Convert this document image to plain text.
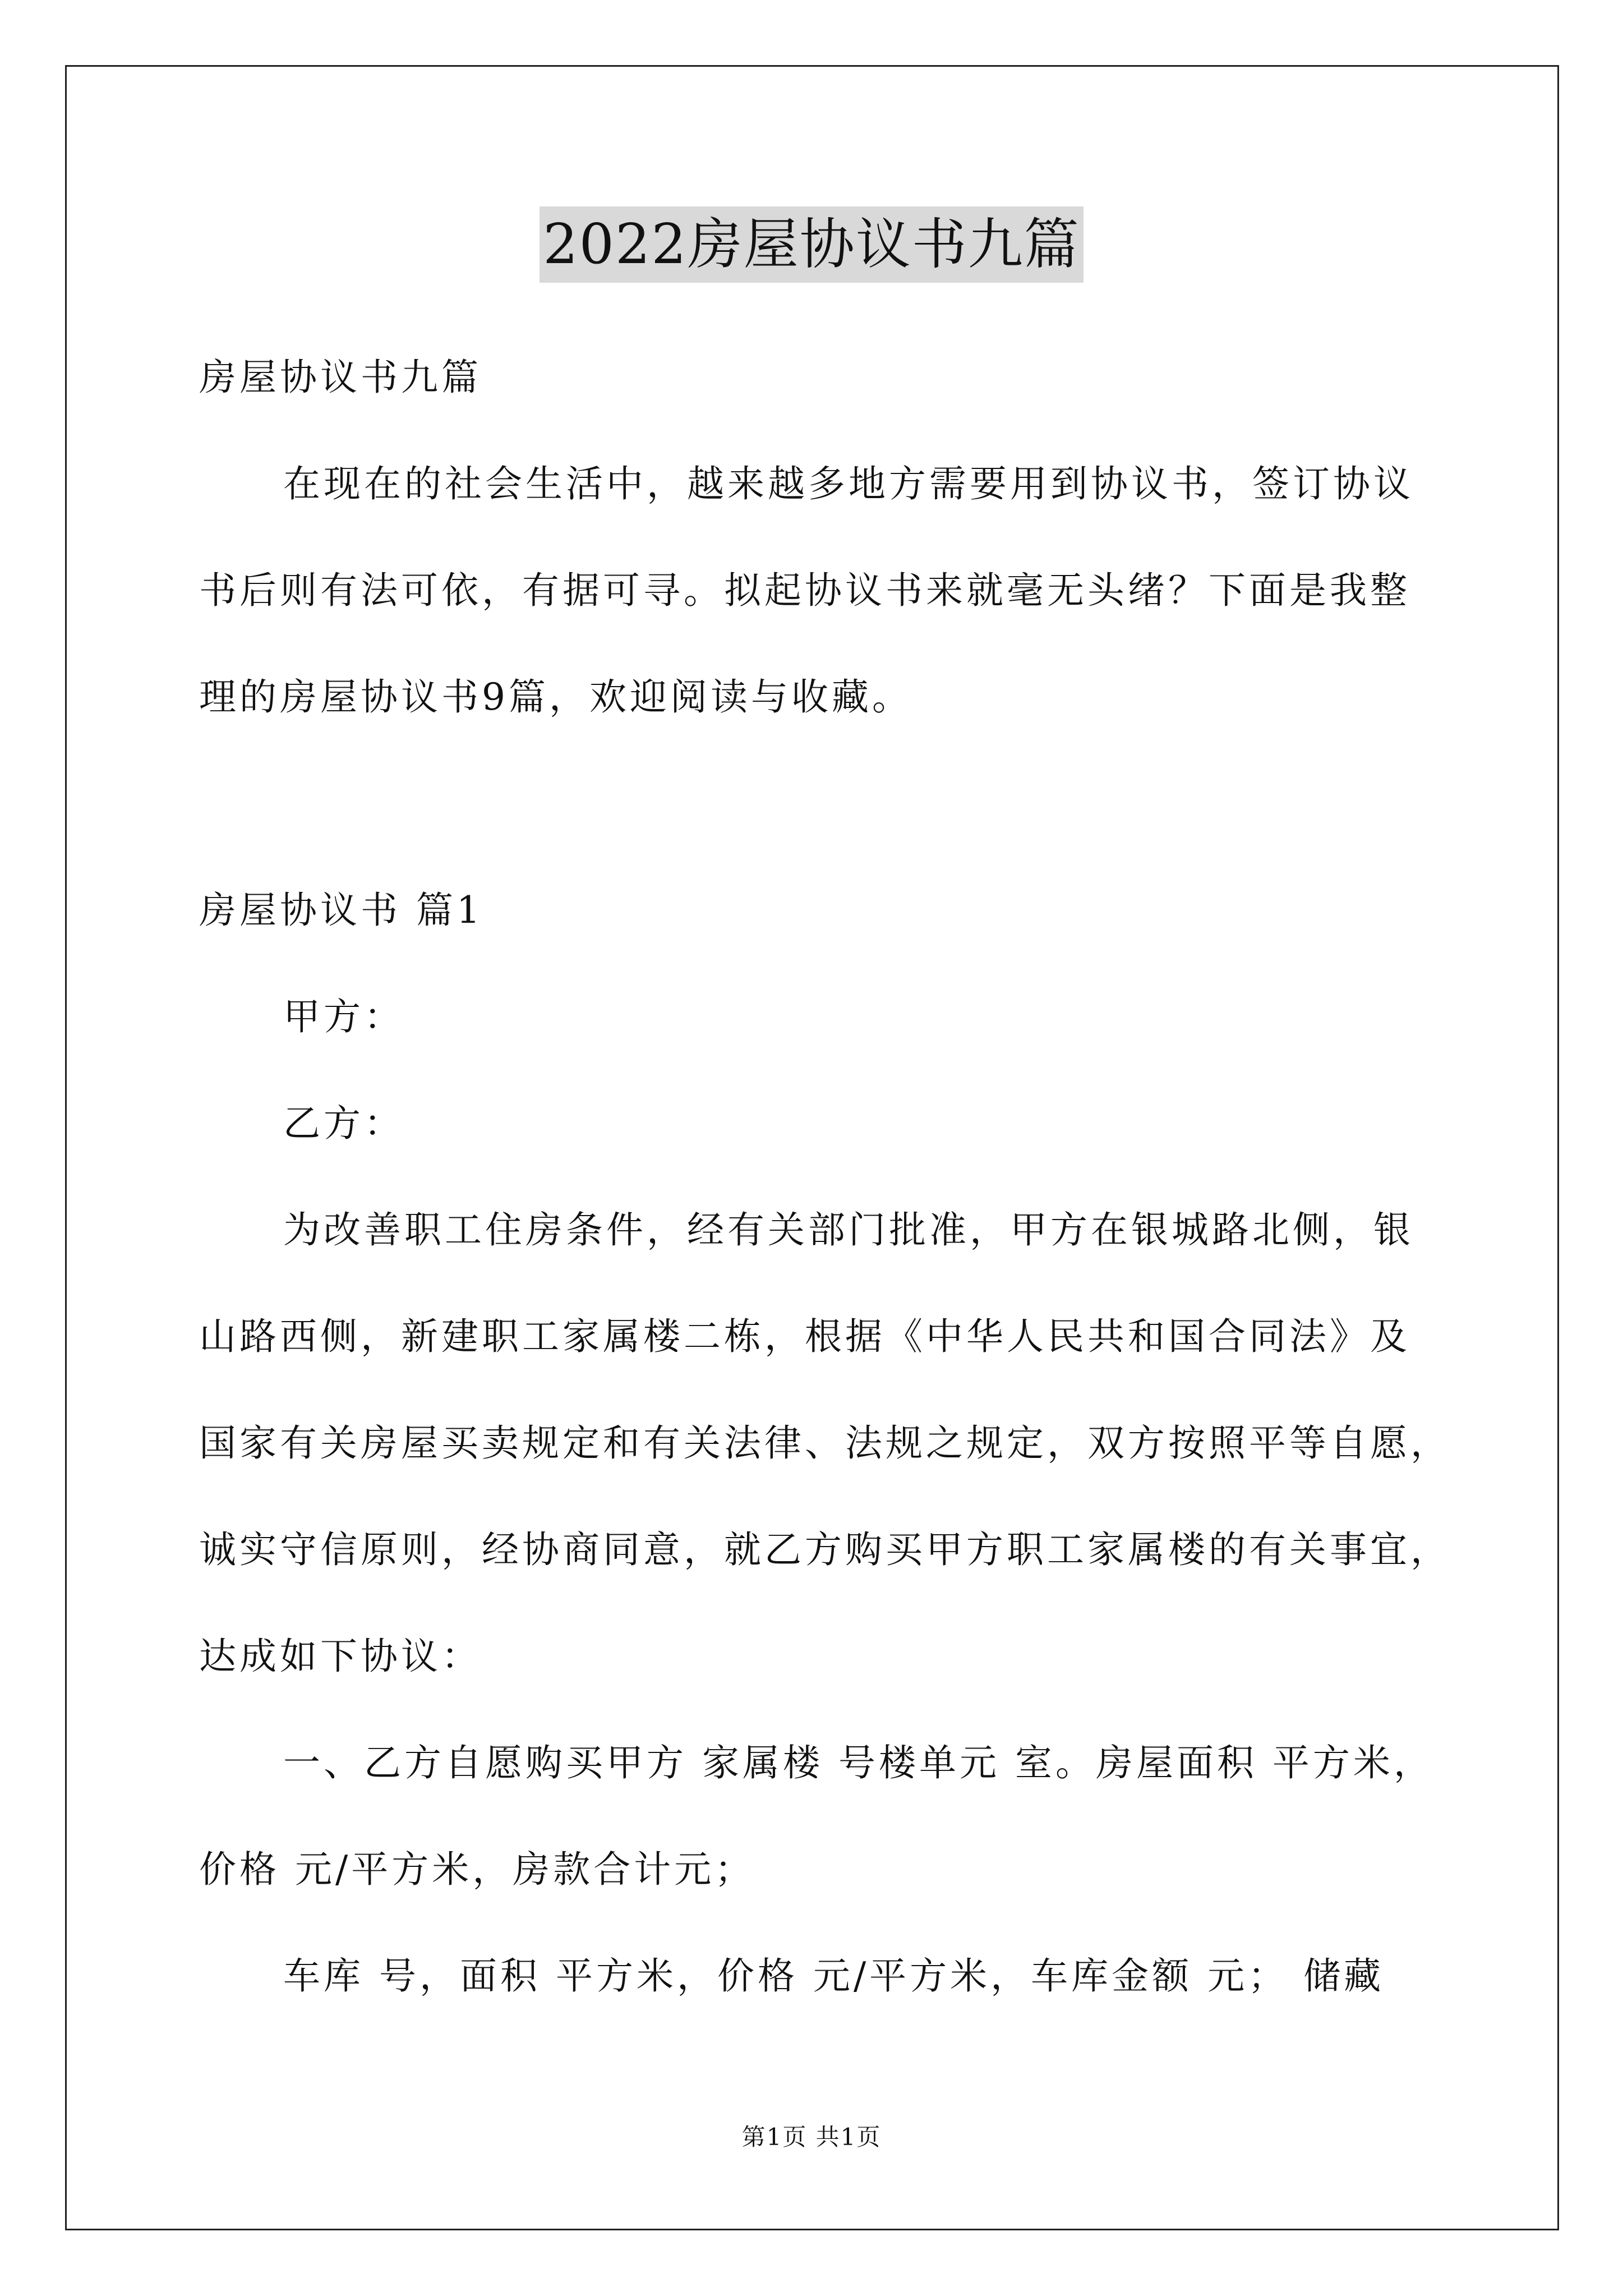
2022房屋协议书九篇
房屋协议书九篇
在现在的社会生活中，越来越多地方需要用到协议书，签订协议
书后则有法可依，有据可寻。拟起协议书来就毫无头绪？下面是我整
理的房屋协议书9篇，欢迎阅读与收藏。
房屋协议书 篇1
甲方：
乙方：
为改善职工住房条件，经有关部门批准，甲方在银城路北侧，银
山路西侧，新建职工家属楼二栋，根据《中华人民共和国合同法》及
国家有关房屋买卖规定和有关法律、法规之规定，双方按照平等自愿，
诚实守信原则，经协商同意，就乙方购买甲方职工家属楼的有关事宜，
达成如下协议：
一、乙方自愿购买甲方 家属楼 号楼单元 室。房屋面积 平方米，
价格 元/平方米，房款合计元；
车库 号，面积 平方米，价格 元/平方米，车库金额 元； 储藏
第1页 共1页
